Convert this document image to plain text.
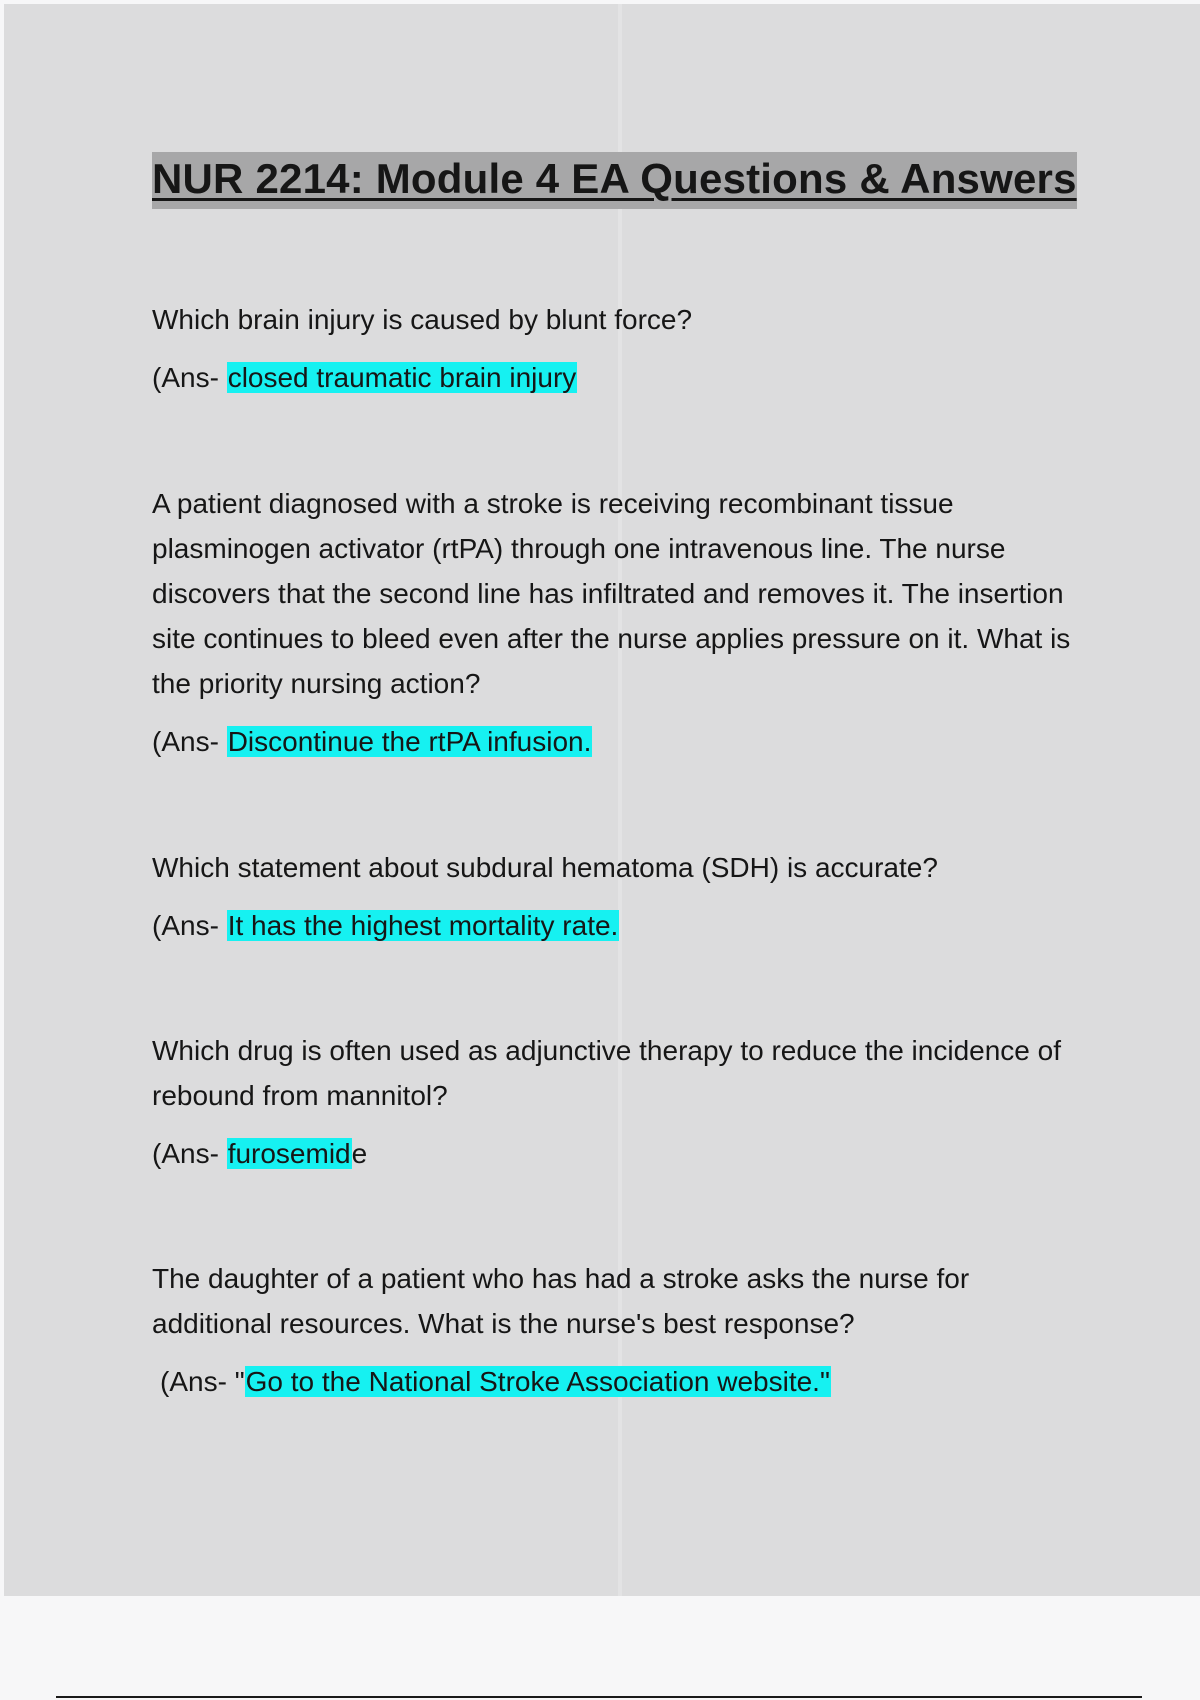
NUR 2214: Module 4 EA Questions & Answers

Which brain injury is caused by blunt force?

(Ans- closed traumatic brain injury

A patient diagnosed with a stroke is receiving recombinant tissue plasminogen activator (rtPA) through one intravenous line. The nurse discovers that the second line has infiltrated and removes it. The insertion site continues to bleed even after the nurse applies pressure on it. What is the priority nursing action?

(Ans- Discontinue the rtPA infusion.

Which statement about subdural hematoma (SDH) is accurate?

(Ans- It has the highest mortality rate.

Which drug is often used as adjunctive therapy to reduce the incidence of rebound from mannitol?

(Ans- furosemide

The daughter of a patient who has had a stroke asks the nurse for additional resources. What is the nurse's best response?

(Ans- "Go to the National Stroke Association website."
